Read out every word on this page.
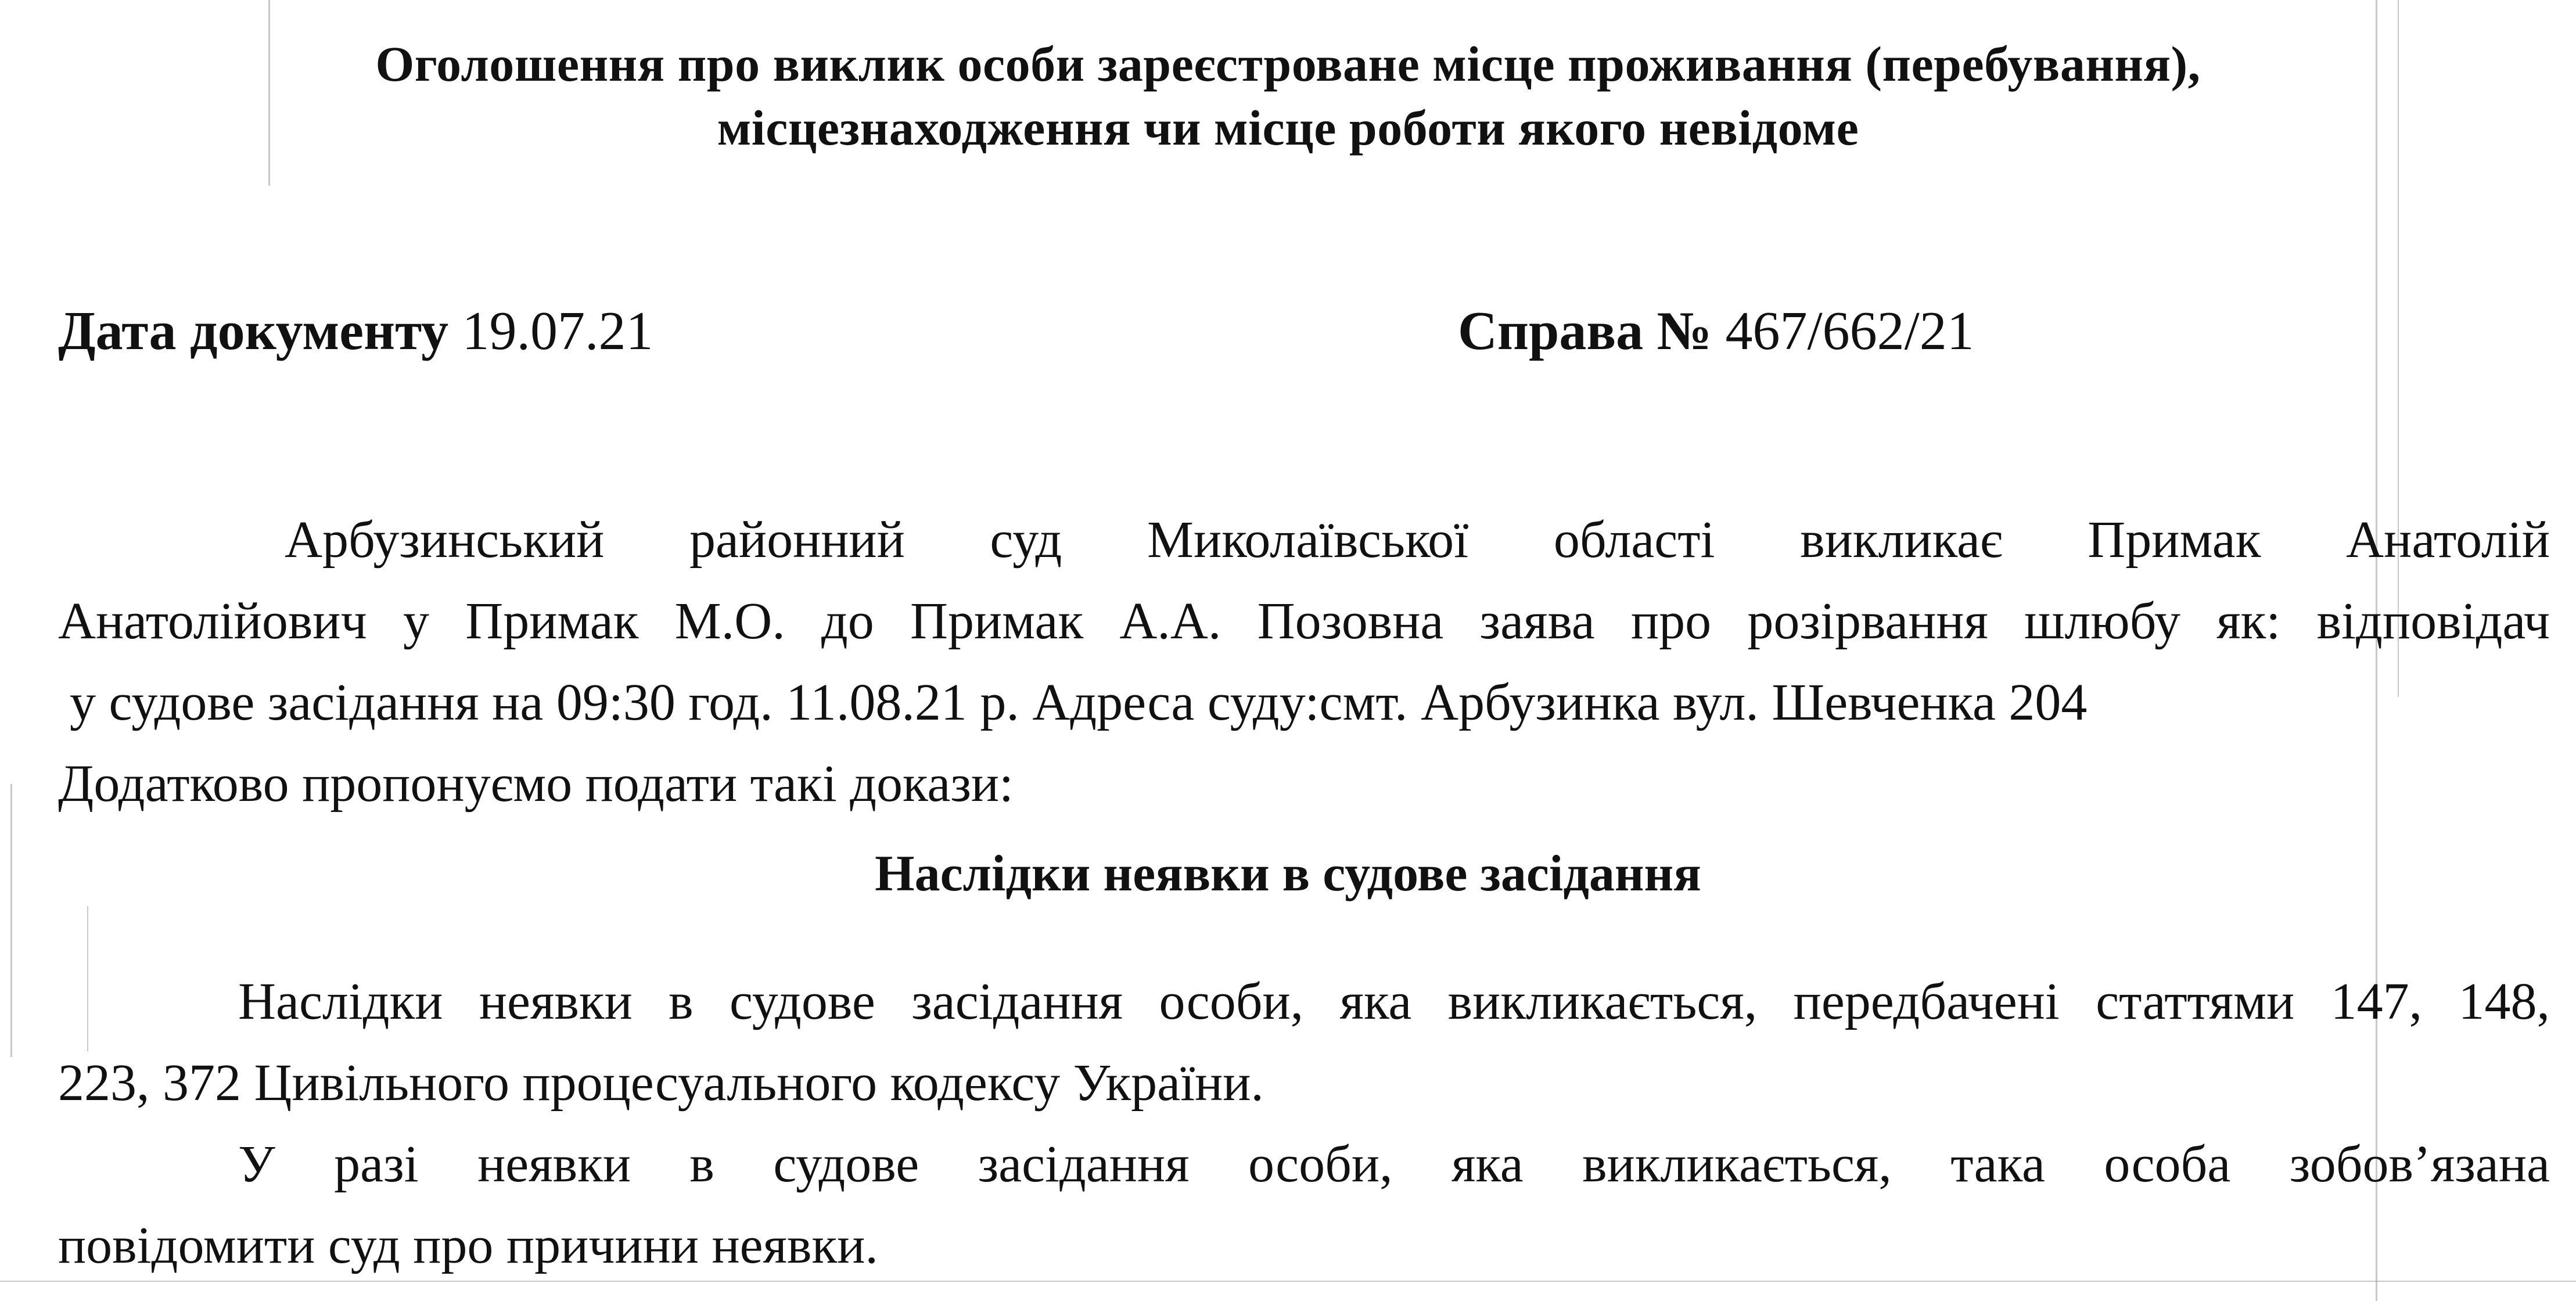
Оголошення про виклик особи зареєстроване місце проживання (перебування),
місцезнаходження чи місце роботи якого невідоме
Дата документу 19.07.21	Справа № 467/662/21
Арбузинський районний суд Миколаївської області викликає Примак Анатолій
Анатолійович у Примак М.О. до Примак А.А. Позовна заява про розірвання шлюбу як: відповідач
у судове засідання на 09:30 год. 11.08.21 р. Адреса суду:смт. Арбузинка вул. Шевченка 204
Додатково пропонуємо подати такі докази:
Наслідки неявки в судове засідання
Наслідки неявки в судове засідання особи, яка викликається, передбачені статтями 147, 148,
223, 372 Цивільного процесуального кодексу України.
У разі неявки в судове засідання особи, яка викликається, така особа зобов’язана
повідомити суд про причини неявки.
